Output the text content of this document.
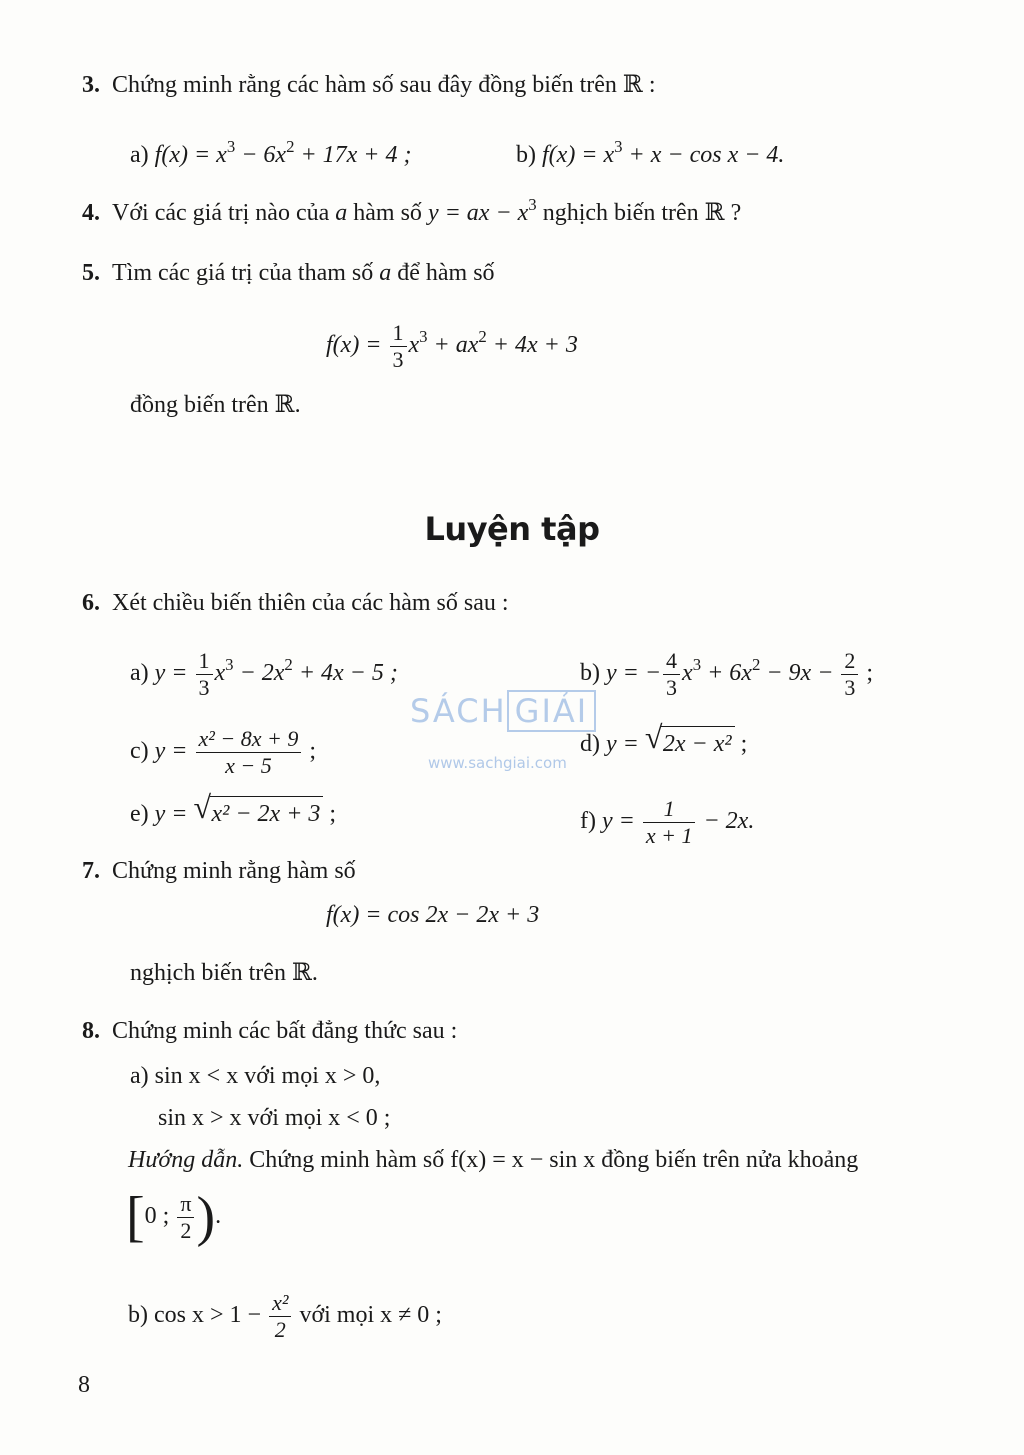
3. Chứng minh rằng các hàm số sau đây đồng biến trên ℝ :
a) $f(x) = x^3 - 6x^2 + 17x + 4$ ;	b) $f(x) = x^3 + x - \cos x - 4$.
4. Với các giá trị nào của a hàm số y = ax − $x^3$ nghịch biến trên ℝ ?
5. Tìm các giá trị của tham số a để hàm số
$f(x) = \frac{1}{3} x^3 + ax^2 + 4x + 3$
đồng biến trên ℝ.
Luyện tập
SÁCH GIẢI
www.sachgiai.com
6. Xét chiều biến thiên của các hàm số sau :
a) $y = \frac{1}{3} x^3 - 2x^2 + 4x - 5$ ;	b) y = − $\frac{4}{3} x^3 + 6x^2 - 9x - \frac{2}{3}$ ;
c) $y = \frac{\text{x² − 8x + 9}}{x - 5}$ ;	d) y = √ 2x − x² ;
e) y = √ x² − 2x + 3 ;	f) $y = \frac{1}{x + 1} - 2x$.
7. Chứng minh rằng hàm số
f(x) = cos 2x − 2x + 3
nghịch biến trên ℝ.
8. Chứng minh các bất đẳng thức sau :
a) sin x < x với mọi x > 0,
sin x > x với mọi x < 0 ;
Hướng dẫn. Chứng minh hàm số f(x) = x − sin x đồng biến trên nửa khoảng
[0 ; $\frac{\pi}{2}$ ).
b) $\cos x > 1 - \frac{\text{x²}}{2}$ với mọi x ≠ 0 ;
8
